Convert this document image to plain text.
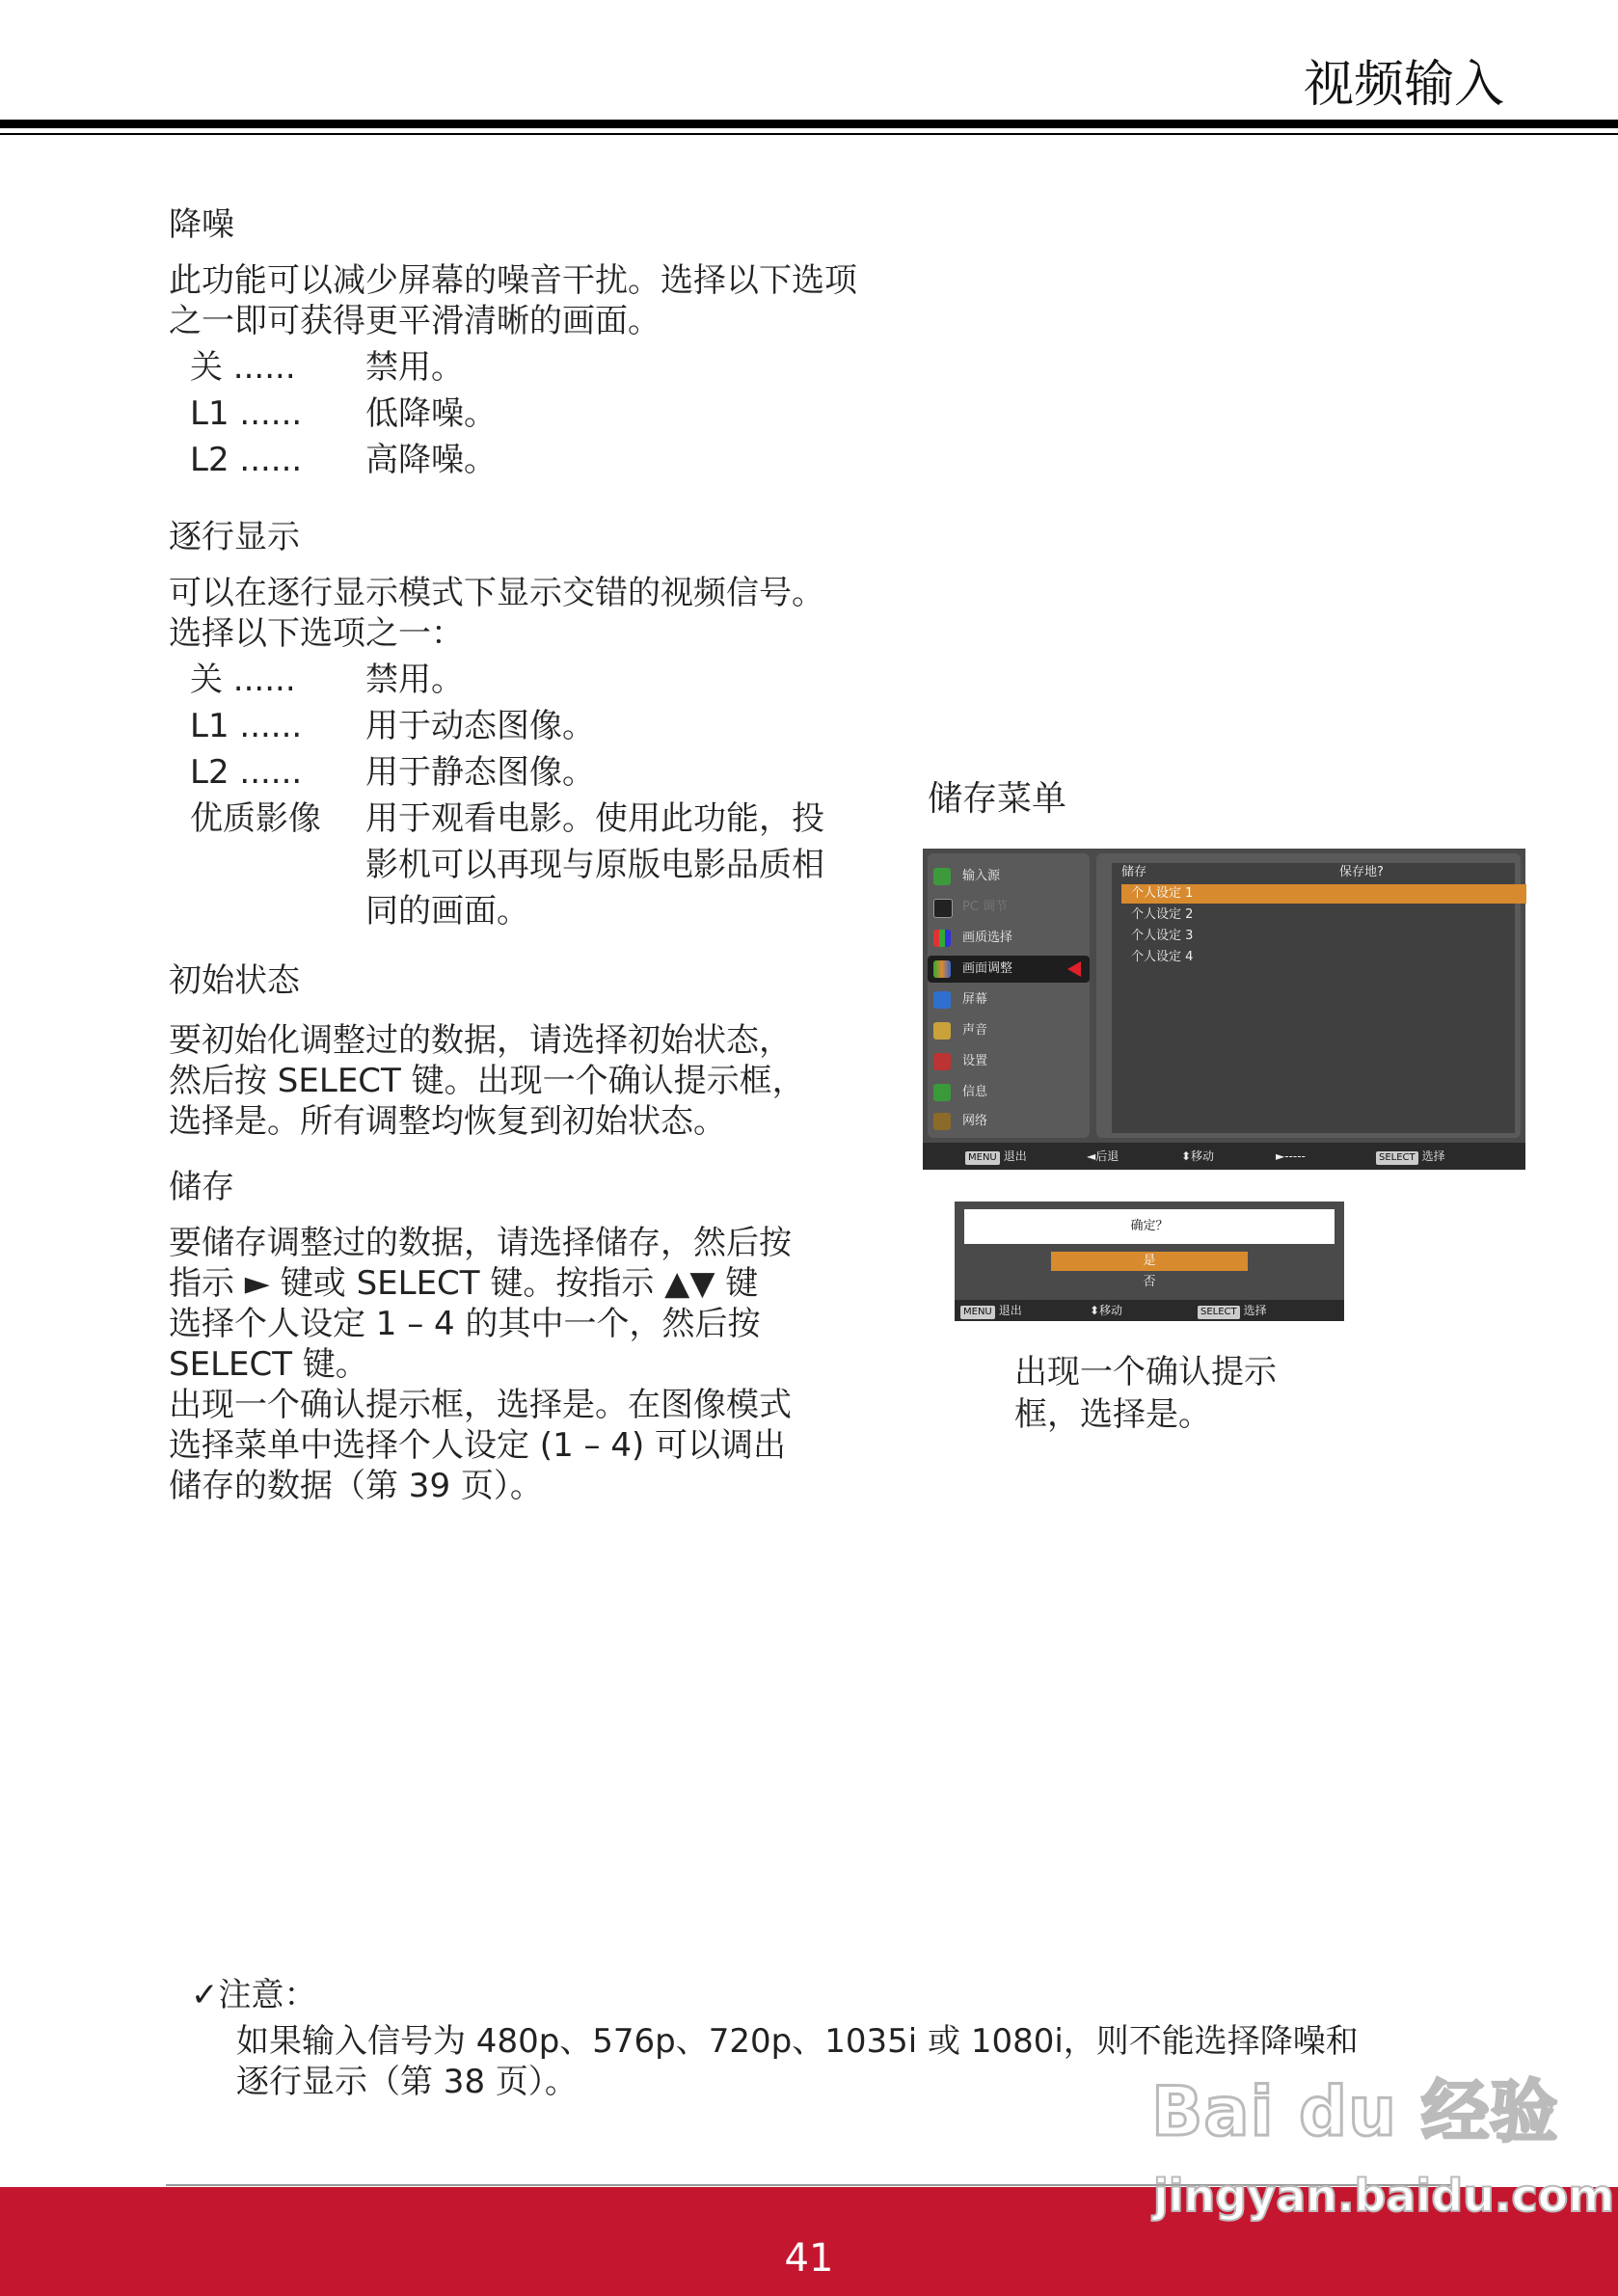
视频输入
降噪
此功能可以减少屏幕的噪音干扰。选择以下选项
之一即可获得更平滑清晰的画面。
关 ...... 禁用。
L1 ...... 低降噪。
L2 ...... 高降噪。
逐行显示
可以在逐行显示模式下显示交错的视频信号。
选择以下选项之一：
关 ...... 禁用。
L1 ...... 用于动态图像。
L2 ...... 用于静态图像。
优质影像 用于观看电影。使用此功能，投
影机可以再现与原版电影品质相
同的画面。
初始状态
要初始化调整过的数据，请选择初始状态，
然后按 SELECT 键。出现一个确认提示框，
选择是。所有调整均恢复到初始状态。
储存
要储存调整过的数据，请选择储存，然后按
指示 ► 键或 SELECT 键。按指示 ▲▼ 键
选择个人设定 1 – 4 的其中一个，然后按
SELECT 键。
出现一个确认提示框，选择是。在图像模式
选择菜单中选择个人设定 (1 – 4) 可以调出
储存的数据（第 39 页）。
储存菜单
输入源
PC 调节
画质选择
画面调整
屏幕
声音
设置
信息
网络
储存	保存地?
个人设定 1
个人设定 2
个人设定 3
个人设定 4
MENU 退出	◄后退	⬍移动	►-----	SELECT 选择
确定？
是
否
MENU 退出	⬍移动	SELECT 选择
出现一个确认提示
框，选择是。
✓注意：
如果输入信号为 480p、576p、720p、1035i 或 1080i，则不能选择降噪和
逐行显示（第 38 页）。
41
Bai du 经验
jingyan.baidu.com
